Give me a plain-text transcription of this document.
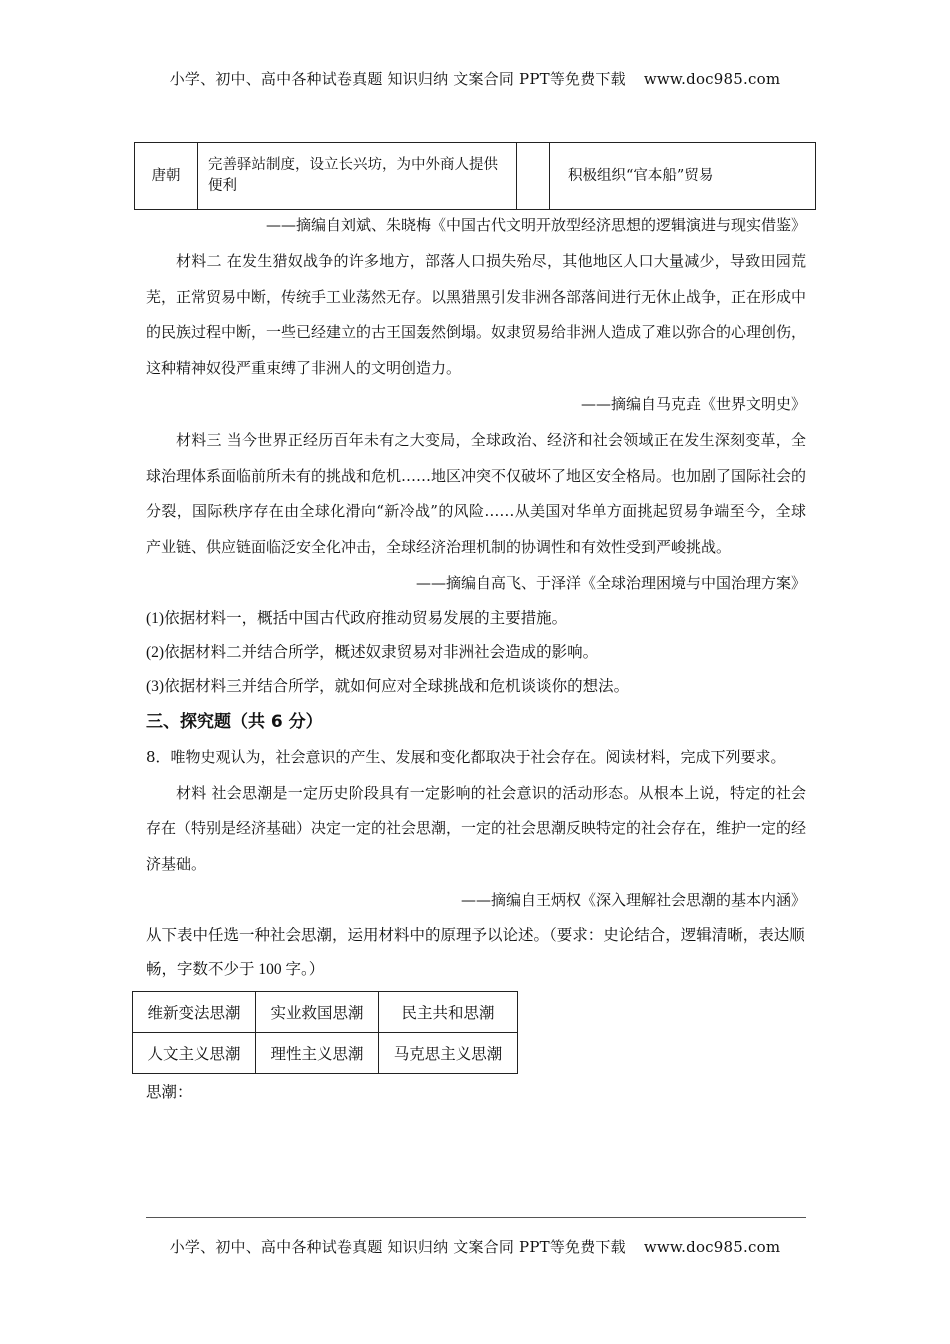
小学、初中、高中各种试卷真题 知识归纳 文案合同 PPT等免费下载 www.doc985.com
唐朝	完善驿站制度，设立长兴坊，为中外商人提供便利		积极组织“官本船”贸易

——摘编自刘斌、朱晓梅《中国古代文明开放型经济思想的逻辑演进与现实借鉴》

材料二 在发生猎奴战争的许多地方，部落人口损失殆尽，其他地区人口大量减少，导致田园荒芜，正常贸易中断，传统手工业荡然无存。以黑猎黑引发非洲各部落间进行无休止战争，正在形成中的民族过程中断，一些已经建立的古王国轰然倒塌。奴隶贸易给非洲人造成了难以弥合的心理创伤，这种精神奴役严重束缚了非洲人的文明创造力。

——摘编自马克垚《世界文明史》

材料三 当今世界正经历百年未有之大变局，全球政治、经济和社会领域正在发生深刻变革，全球治理体系面临前所未有的挑战和危机……地区冲突不仅破坏了地区安全格局。也加剧了国际社会的分裂，国际秩序存在由全球化滑向“新冷战”的风险……从美国对华单方面挑起贸易争端至今，全球产业链、供应链面临泛安全化冲击，全球经济治理机制的协调性和有效性受到严峻挑战。

——摘编自高飞、于泽洋《全球治理困境与中国治理方案》

(1)依据材料一，概括中国古代政府推动贸易发展的主要措施。

(2)依据材料二并结合所学，概述奴隶贸易对非洲社会造成的影响。

(3)依据材料三并结合所学，就如何应对全球挑战和危机谈谈你的想法。

三、探究题（共 6 分）

8．唯物史观认为，社会意识的产生、发展和变化都取决于社会存在。阅读材料，完成下列要求。

材料 社会思潮是一定历史阶段具有一定影响的社会意识的活动形态。从根本上说，特定的社会存在（特别是经济基础）决定一定的社会思潮，一定的社会思潮反映特定的社会存在，维护一定的经济基础。

——摘编自王炳权《深入理解社会思潮的基本内涵》

从下表中任选一种社会思潮，运用材料中的原理予以论述。（要求：史论结合，逻辑清晰，表达顺畅，字数不少于 100 字。）

维新变法思潮	实业救国思潮	民主共和思潮
人文主义思潮	理性主义思潮	马克思主义思潮

思潮：

小学、初中、高中各种试卷真题 知识归纳 文案合同 PPT等免费下载 www.doc985.com
